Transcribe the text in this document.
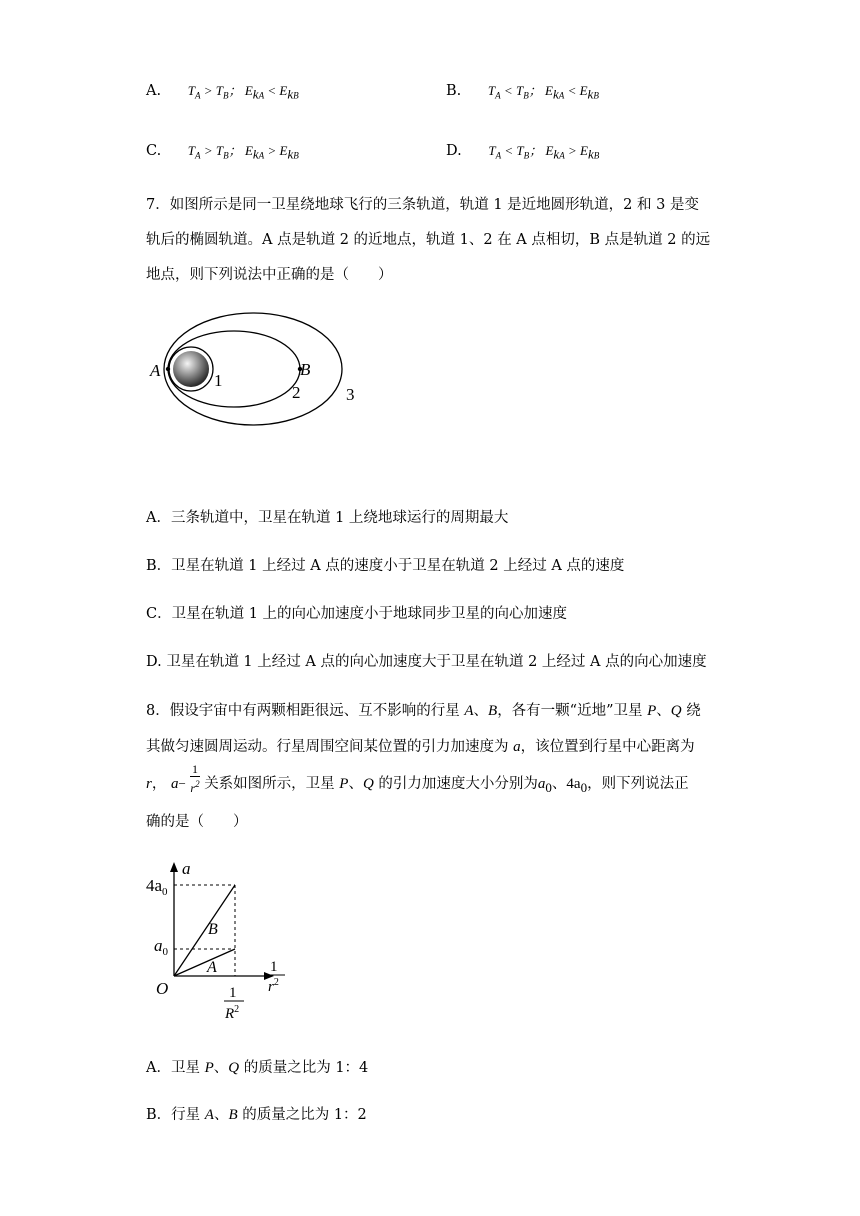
A. $T_A > T_B$； $E_{kA} < E_{kB}$	B. $T_A < T_B$； $E_{kA} < E_{kB}$
C. $T_A > T_B$； $E_{kA} > E_{kB}$	D. $T_A < T_B$； $E_{kA} > E_{kB}$
7．如图所示是同一卫星绕地球飞行的三条轨道，轨道 1 是近地圆形轨道，2 和 3 是变
轨后的椭圆轨道。A 点是轨道 2 的近地点，轨道 1、2 在 A 点相切，B 点是轨道 2 的远
地点，则下列说法中正确的是（　　）
A	B
1
2	3
A．三条轨道中，卫星在轨道 1 上绕地球运行的周期最大
B．卫星在轨道 1 上经过 A 点的速度小于卫星在轨道 2 上经过 A 点的速度
C．卫星在轨道 1 上的向心加速度小于地球同步卫星的向心加速度
D. 卫星在轨道 1 上经过 A 点的向心加速度大于卫星在轨道 2 上经过 A 点的向心加速度
8．假设宇宙中有两颗相距很远、互不影响的行星 A、B，各有一颗“近地”卫星 P、Q 绕
其做匀速圆周运动。行星周围空间某位置的引力加速度为 a，该位置到行星中心距离为
r， $a- \frac{1}{r^2}$ 关系如图所示，卫星 P、Q 的引力加速度大小分别为$a_0$、$4a_0$，则下列说法正
确的是（　　）
a
$4a_0$
$a_0$
B
A
O
1
$r^2$
1
$R^2$
A．卫星 P、Q 的质量之比为 1：4
B．行星 A、B 的质量之比为 1：2
